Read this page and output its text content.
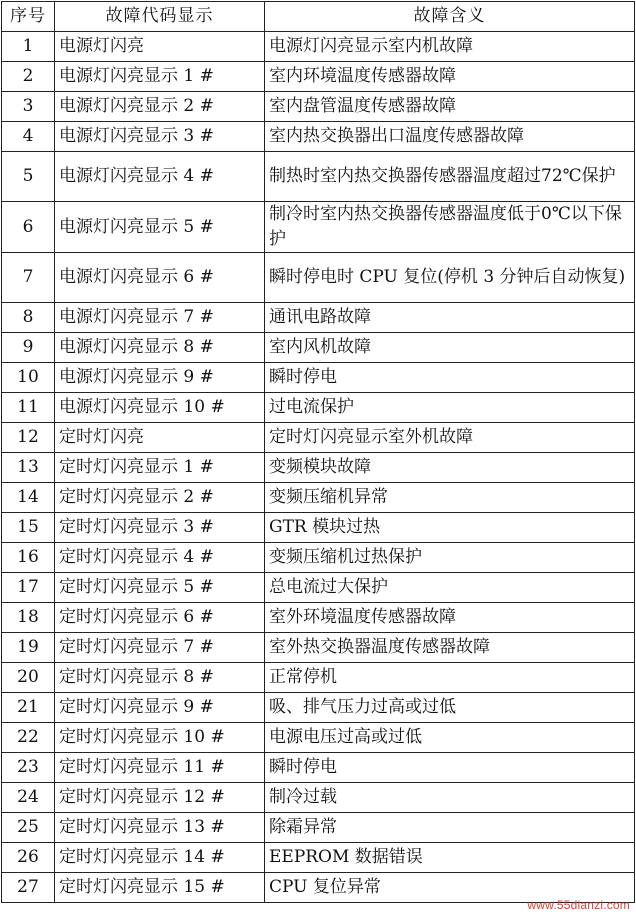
序号	故障代码显示	故障含义
1	电源灯闪亮	电源灯闪亮显示室内机故障
2	电源灯闪亮显示 1 #	室内环境温度传感器故障
3	电源灯闪亮显示 2 #	室内盘管温度传感器故障
4	电源灯闪亮显示 3 #	室内热交换器出口温度传感器故障
5	电源灯闪亮显示 4 #	制热时室内热交换器传感器温度超过72℃保护
6	电源灯闪亮显示 5 #	制冷时室内热交换器传感器温度低于0℃以下保护
7	电源灯闪亮显示 6 #	瞬时停电时 CPU 复位(停机 3 分钟后自动恢复)
8	电源灯闪亮显示 7 #	通讯电路故障
9	电源灯闪亮显示 8 #	室内风机故障
10	电源灯闪亮显示 9 #	瞬时停电
11	电源灯闪亮显示 10 #	过电流保护
12	定时灯闪亮	定时灯闪亮显示室外机故障
13	定时灯闪亮显示 1 #	变频模块故障
14	定时灯闪亮显示 2 #	变频压缩机异常
15	定时灯闪亮显示 3 #	GTR 模块过热
16	定时灯闪亮显示 4 #	变频压缩机过热保护
17	定时灯闪亮显示 5 #	总电流过大保护
18	定时灯闪亮显示 6 #	室外环境温度传感器故障
19	定时灯闪亮显示 7 #	室外热交换器温度传感器故障
20	定时灯闪亮显示 8 #	正常停机
21	定时灯闪亮显示 9 #	吸、排气压力过高或过低
22	定时灯闪亮显示 10 #	电源电压过高或过低
23	定时灯闪亮显示 11 #	瞬时停电
24	定时灯闪亮显示 12 #	制冷过载
25	定时灯闪亮显示 13 #	除霜异常
26	定时灯闪亮显示 14 #	EEPROM 数据错误
27	定时灯闪亮显示 15 #	CPU 复位异常
www.55dianzi.com
